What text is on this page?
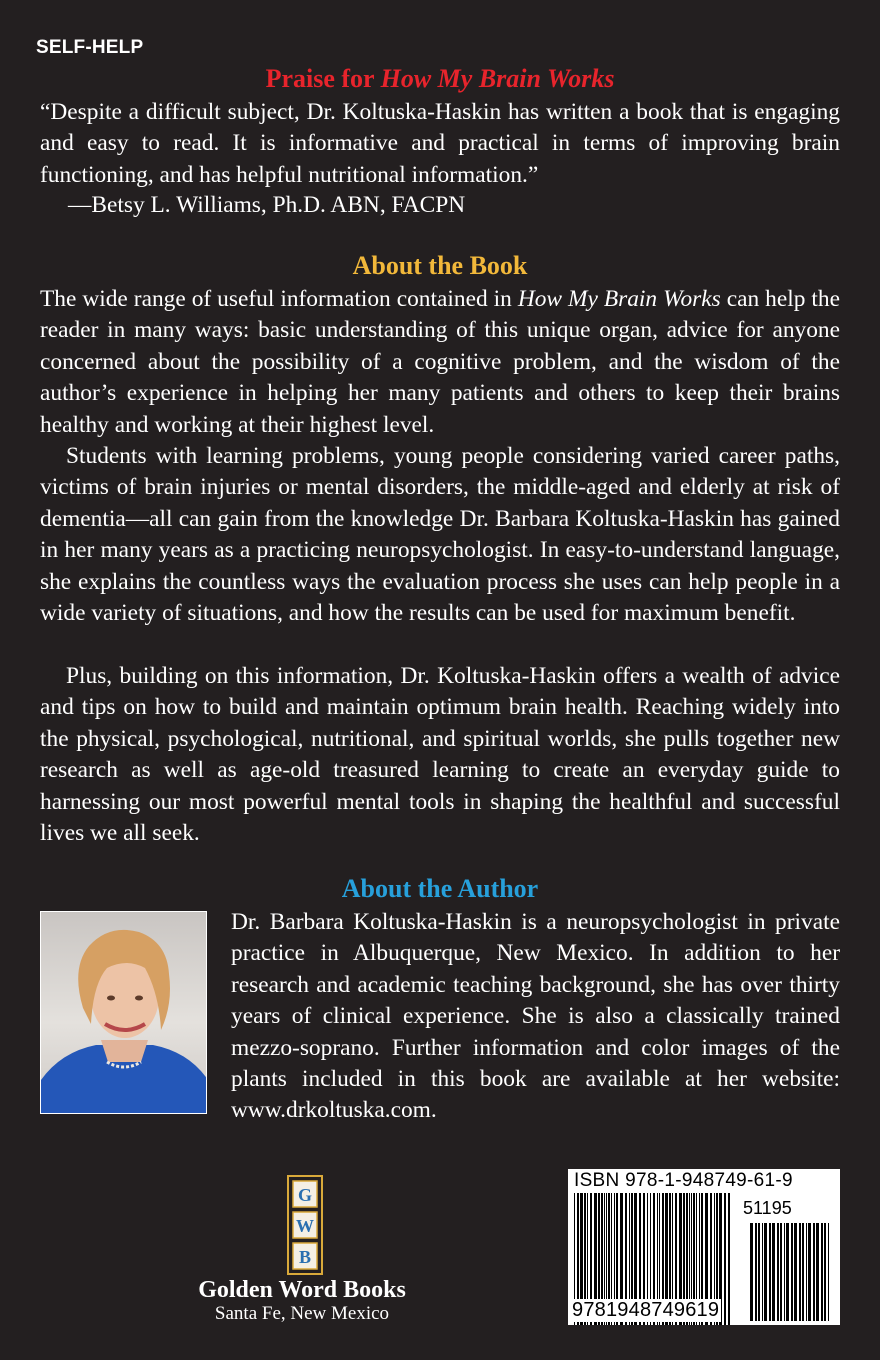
SELF-HELP
Praise for How My Brain Works

“Despite a difficult subject, Dr. Koltuska-Haskin has written a book that is engaging and easy to read. It is informative and practical in terms of improving brain functioning, and has helpful nutritional information.”

—Betsy L. Williams, Ph.D. ABN, FACPN
About the Book

The wide range of useful information contained in How My Brain Works can help the reader in many ways: basic understanding of this unique organ, advice for anyone concerned about the possibility of a cognitive problem, and the wisdom of the author’s experience in helping her many patients and others to keep their brains healthy and working at their highest level.

Students with learning problems, young people considering varied career paths, victims of brain injuries or mental disorders, the middle-aged and elderly at risk of dementia—all can gain from the knowledge Dr. Barbara Koltuska-Haskin has gained in her many years as a practicing neuropsychologist. In easy-to-understand language, she explains the countless ways the evaluation process she uses can help people in a wide variety of situations, and how the results can be used for maximum benefit.

Plus, building on this information, Dr. Koltuska-Haskin offers a wealth of advice and tips on how to build and maintain optimum brain health. Reaching widely into the physical, psychological, nutritional, and spiritual worlds, she pulls together new research as well as age-old treasured learning to create an everyday guide to harnessing our most powerful mental tools in shaping the healthful and successful lives we all seek.

About the Author

Dr. Barbara Koltuska-Haskin is a neuropsychologist in private practice in Albuquerque, New Mexico. In addition to her research and academic teaching background, she has over thirty years of clinical experience. She is also a classically trained mezzo-soprano. Further information and color images of the plants included in this book are available at her website: www.drkoltuska.com.

G
W
B
Golden Word Books
Santa Fe, New Mexico
ISBN 978-1-948749-61-9
51195
9781948749619
